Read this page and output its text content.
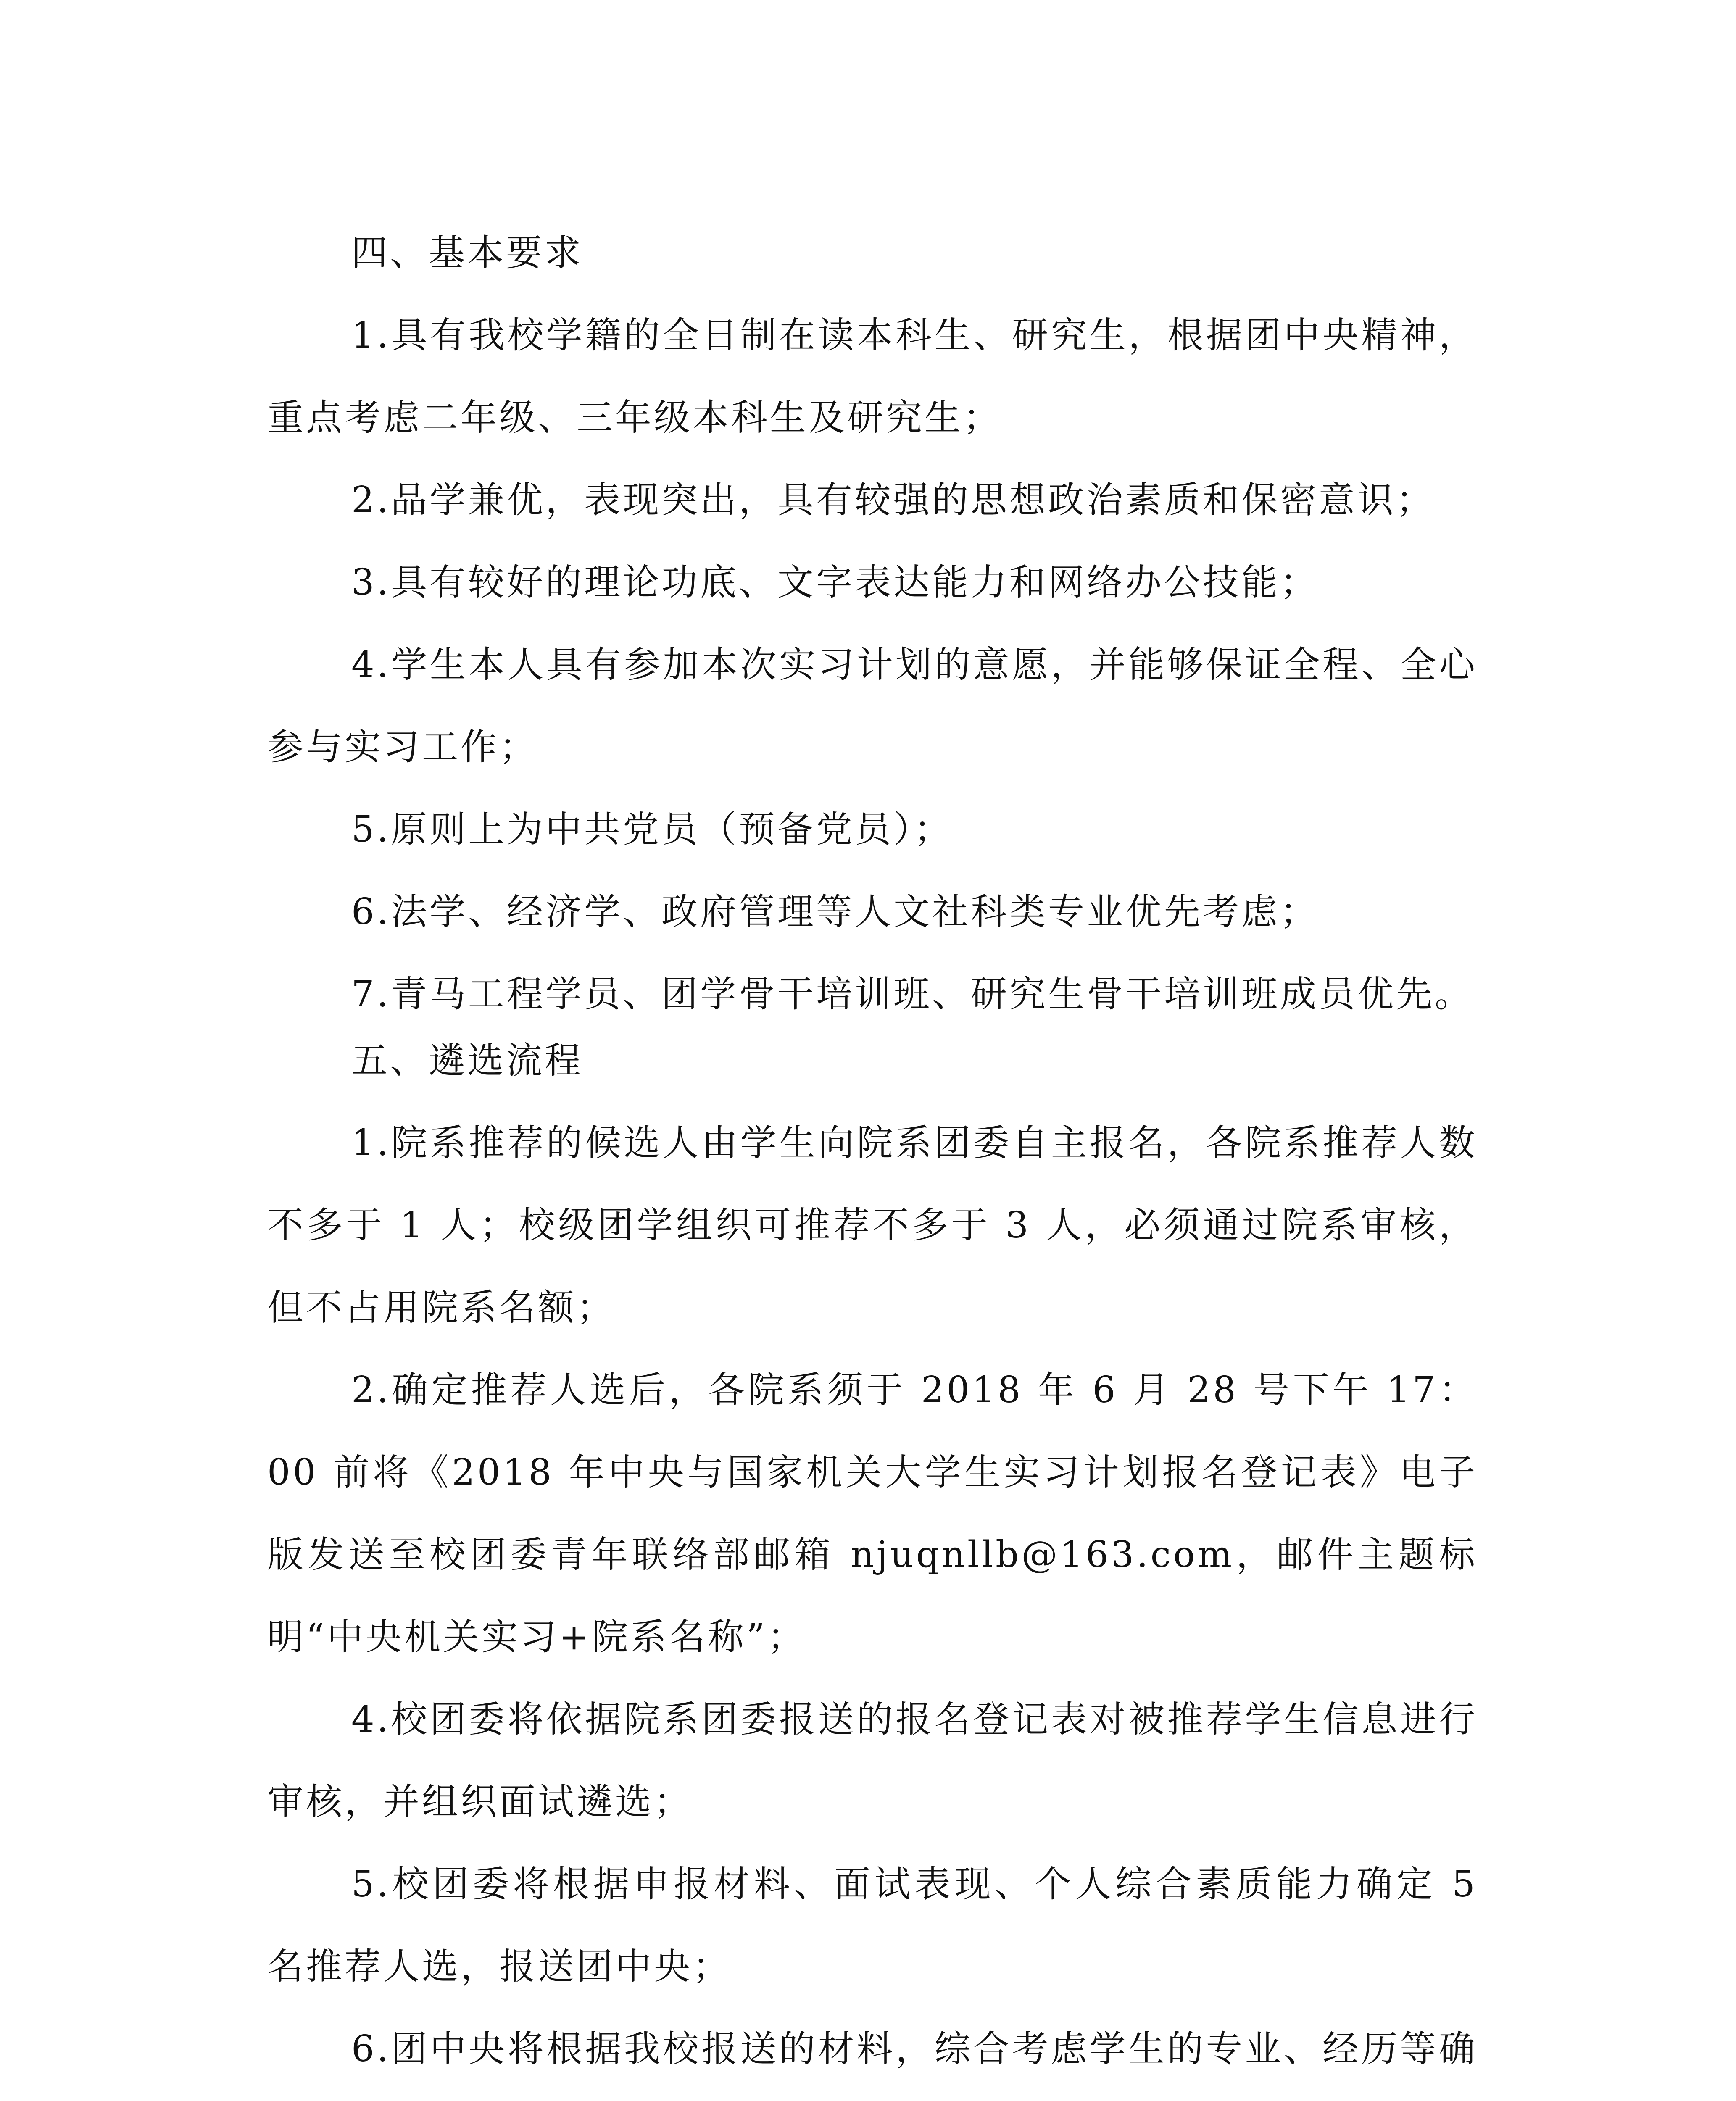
四、基本要求

1.具有我校学籍的全日制在读本科生、研究生，根据团中央精神，重点考虑二年级、三年级本科生及研究生；

2.品学兼优，表现突出，具有较强的思想政治素质和保密意识；

3.具有较好的理论功底、文字表达能力和网络办公技能；

4.学生本人具有参加本次实习计划的意愿，并能够保证全程、全心参与实习工作；

5.原则上为中共党员（预备党员）；

6.法学、经济学、政府管理等人文社科类专业优先考虑；

7.青马工程学员、团学骨干培训班、研究生骨干培训班成员优先。

五、遴选流程

1.院系推荐的候选人由学生向院系团委自主报名，各院系推荐人数不多于 1 人；校级团学组织可推荐不多于 3 人，必须通过院系审核，但不占用院系名额；

2.确定推荐人选后，各院系须于 2018 年 6 月 28 号下午 17：00 前将《2018 年中央与国家机关大学生实习计划报名登记表》电子版发送至校团委青年联络部邮箱 njuqnllb@163.com，邮件主题标明“中央机关实习+院系名称”；

4.校团委将依据院系团委报送的报名登记表对被推荐学生信息进行审核，并组织面试遴选；

5.校团委将根据申报材料、面试表现、个人综合素质能力确定 5 名推荐人选，报送团中央；

6.团中央将根据我校报送的材料，综合考虑学生的专业、经历等确
